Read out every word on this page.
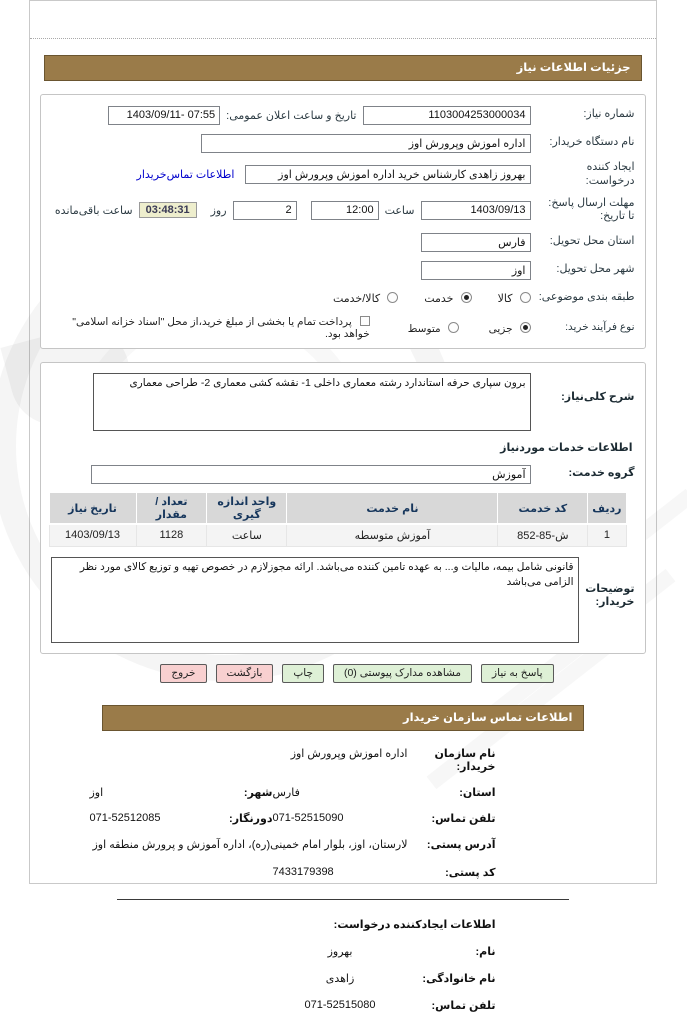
جزئیات اطلاعات نیاز
شماره نیاز:
1103004253000034
تاریخ و ساعت اعلان عمومی:
1403/09/11- 07:55
نام دستگاه خریدار:
اداره اموزش وپرورش اوز
ایجاد کننده
درخواست:
بهروز زاهدی کارشناس خرید اداره اموزش وپرورش اوز
اطلاعات تماس‌خریدار
مهلت ارسال پاسخ:
تا تاریخ:
1403/09/13
ساعت
12:00
2
روز
03:48:31
ساعت باقی‌مانده
استان محل تحویل:
فارس
شهر محل تحویل:
اوز
طبقه بندی موضوعی:
کالا
خدمت
کالا/خدمت
نوع فرآیند خرید:
جزیی
متوسط
پرداخت تمام یا بخشی از مبلغ خرید،از محل "اسناد خزانه اسلامی" خواهد بود.
شرح کلی‌نیاز:
برون سپاری حرفه استاندارد رشته معماری داخلی 1- نقشه کشی معماری 2- طراحی معماری
اطلاعات خدمات موردنیاز
گروه خدمت:
آموزش
ردیف	کد خدمت	نام خدمت	واحد اندازه گیری	تعداد / مقدار	تاریخ نیاز
1	852-85-ش	آموزش متوسطه	ساعت	1128	1403/09/13
توضیحات
خریدار:
قانونی شامل بیمه، مالیات و... به عهده تامین کننده می‌باشد. ارائه مجوزلازم در خصوص تهیه و توزیع کالای مورد نظر الزامی می‌باشد
پاسخ به نیاز
مشاهده مدارک پیوستی (0)
چاپ
بازگشت
خروج
اطلاعات تماس سازمان خریدار
نام سازمان خریدار:
اداره اموزش وپرورش اوز
استان:
فارس
شهر:
اوز
تلفن تماس:
071-52515090
دورنگار:
071-52512085
آدرس پستی:
لارستان، اوز، بلوار امام خمینی(ره)، اداره آموزش و پرورش منطقه اوز
کد پستی:
7433179398
اطلاعات ایجادکننده درخواست:
نام:
بهروز
نام خانوادگی:
زاهدی
تلفن تماس:
071-52515080
